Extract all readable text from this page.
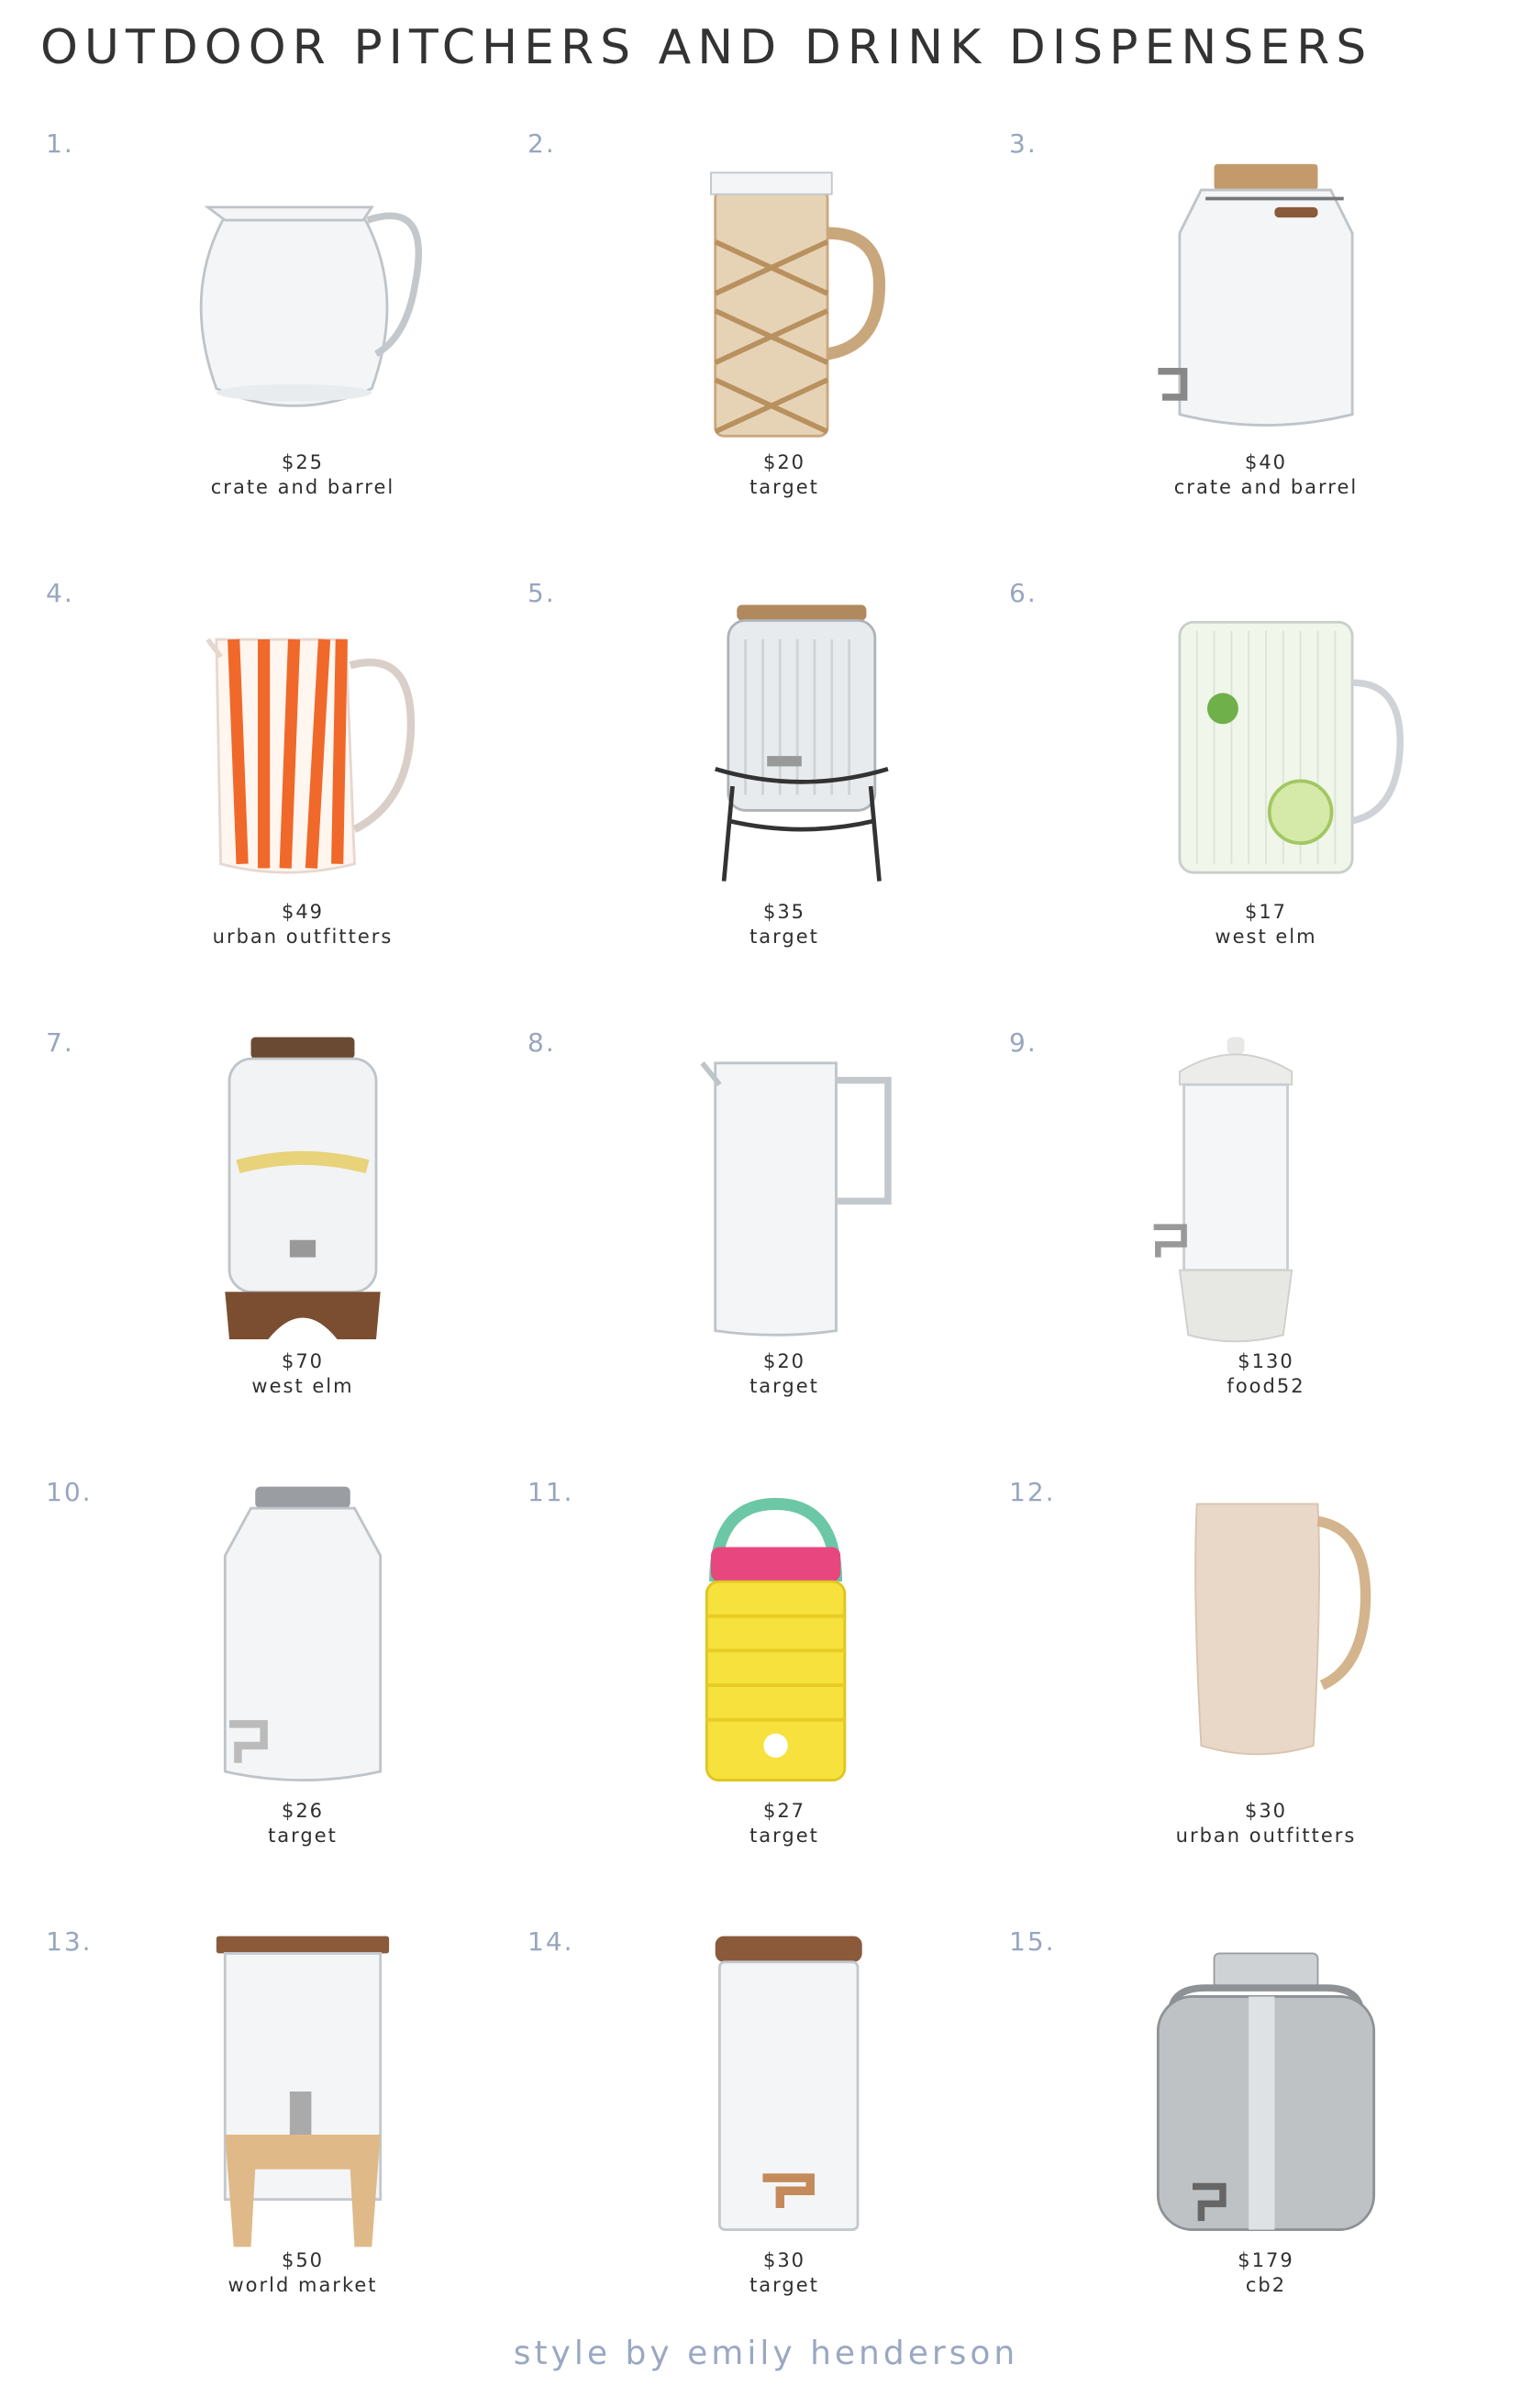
OUTDOOR PITCHERS AND DRINK DISPENSERS
1.
$25
crate and barrel
2.
$20
target
3.
$40
crate and barrel
4.
$49
urban outfitters
5.
$35
target
6.
$17
west elm
7.
$70
west elm
8.
$20
target
9.
$130
food52
10.
$26
target
11.
$27
target
12.
$30
urban outfitters
13.
$50
world market
14.
$30
target
15.
$179
cb2
style by emily henderson
